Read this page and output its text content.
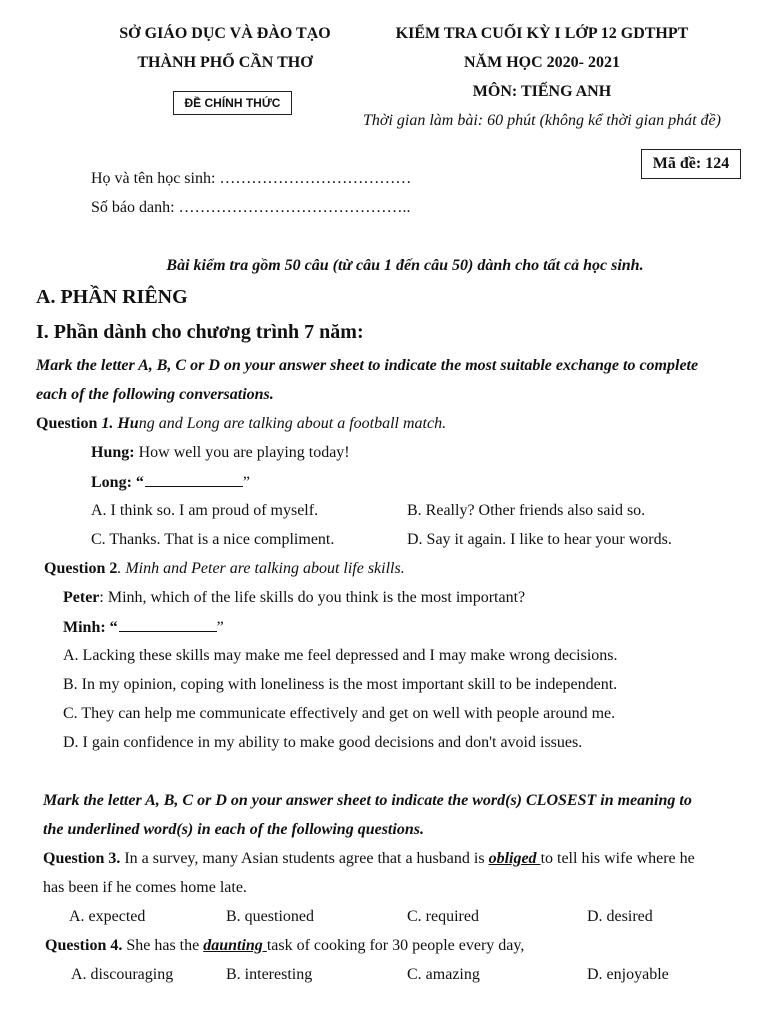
SỞ GIÁO DỤC VÀ ĐÀO TẠO
THÀNH PHỐ CẦN THƠ
ĐỀ CHÍNH THỨC
KIỂM TRA CUỐI KỲ I LỚP 12 GDTHPT
NĂM HỌC 2020- 2021
MÔN: TIẾNG ANH
Thời gian làm bài: 60 phút (không kể thời gian phát đề)
Mã đề: 124
Họ và tên học sinh: ………………………………
Số báo danh: ……………………………………..
Bài kiểm tra gồm 50 câu (từ câu 1 đến câu 50) dành cho tất cả học sinh.
A. PHẦN RIÊNG
I. Phần dành cho chương trình 7 năm:
Mark the letter A, B, C or D on your answer sheet to indicate the most suitable exchange to complete
each of the following conversations.
Question 1. Hung and Long are talking about a football match.
Hung: How well you are playing today!
Long: “	”
A. I think so. I am proud of myself.	B. Really? Other friends also said so.
C. Thanks. That is a nice compliment.	D. Say it again. I like to hear your words.
Question 2. Minh and Peter are talking about life skills.
Peter: Minh, which of the life skills do you think is the most important?
Minh: “	”
A. Lacking these skills may make me feel depressed and I may make wrong decisions.
B. In my opinion, coping with loneliness is the most important skill to be independent.
C. They can help me communicate effectively and get on well with people around me.
D. I gain confidence in my ability to make good decisions and don't avoid issues.
Mark the letter A, B, C or D on your answer sheet to indicate the word(s) CLOSEST in meaning to
the underlined word(s) in each of the following questions.
Question 3. In a survey, many Asian students agree that a husband is obliged to tell his wife where he
has been if he comes home late.
A. expected	B. questioned	C. required	D. desired
Question 4. She has the daunting task of cooking for 30 people every day,
A. discouraging	B. interesting	C. amazing	D. enjoyable
